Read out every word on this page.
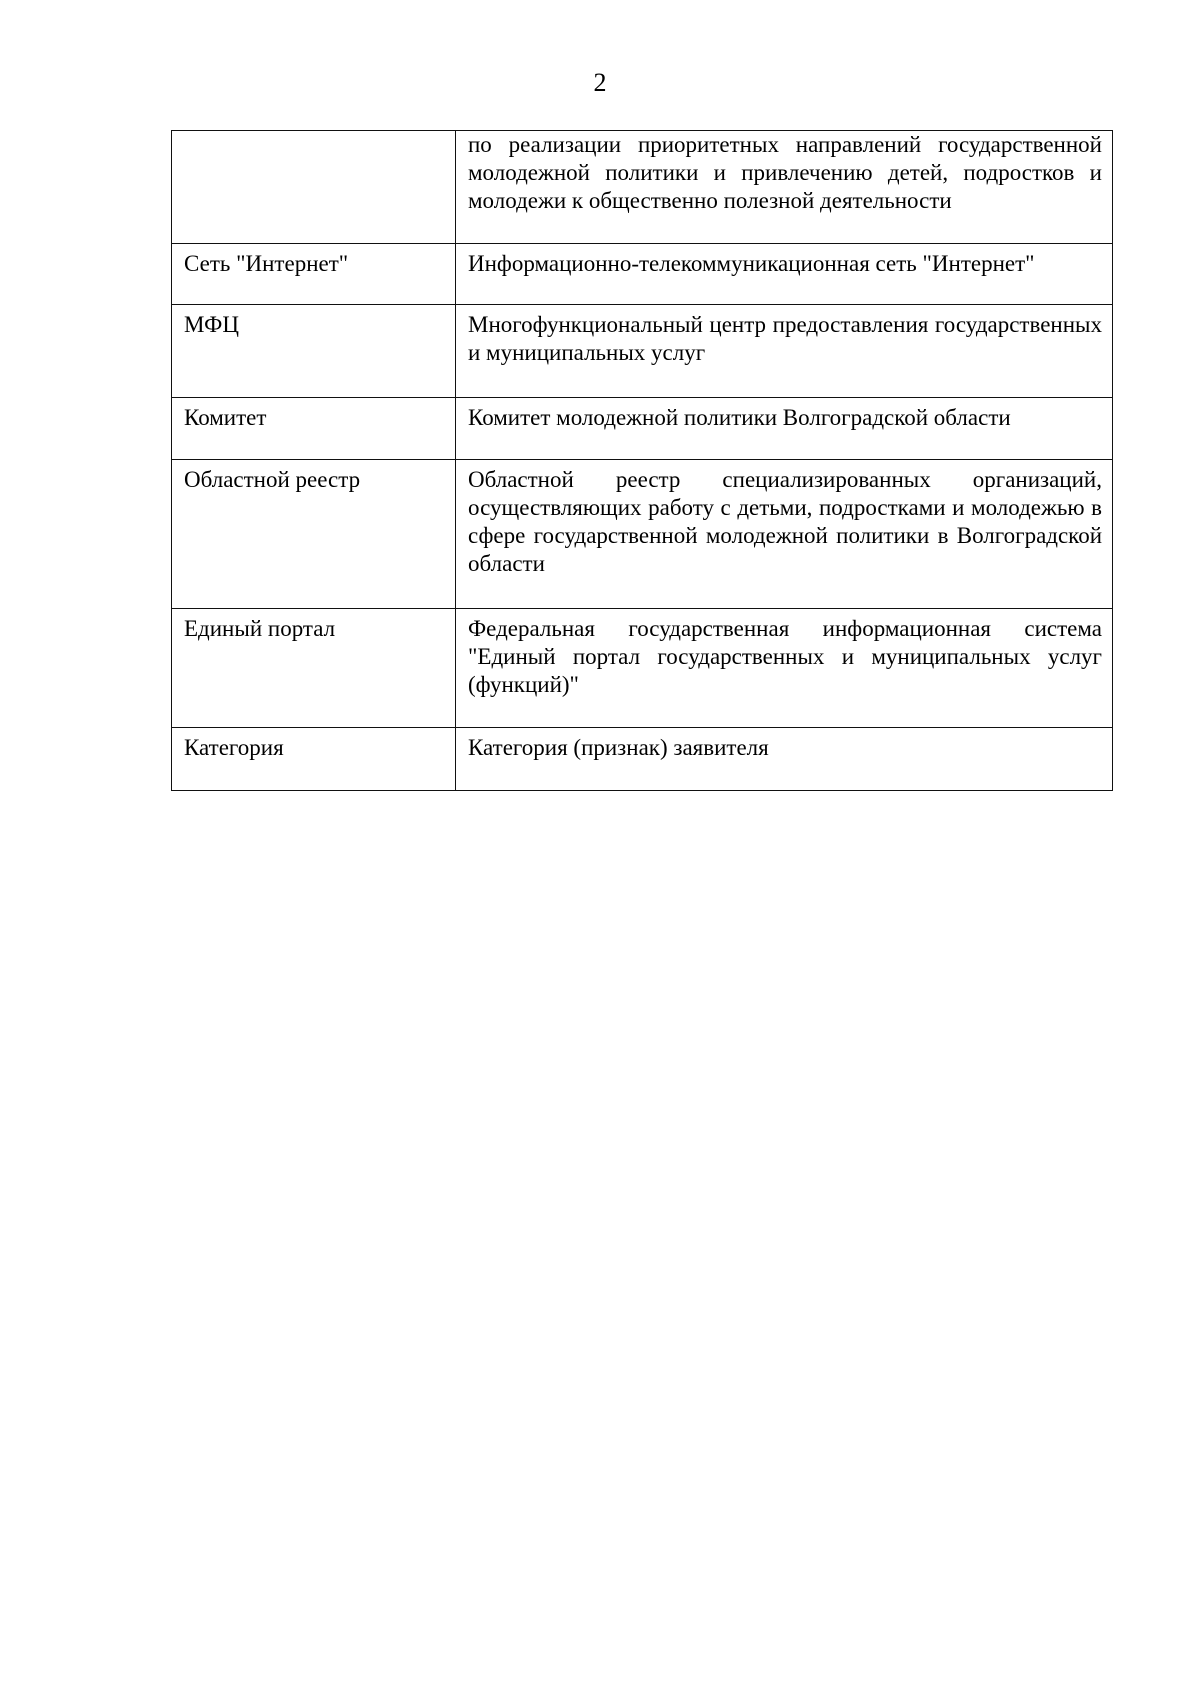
2
	по реализации приоритетных направлений государственной молодежной политики и привлечению детей, подростков и молодежи к общественно полезной деятельности
Сеть "Интернет"	Информационно-телекоммуникационная сеть "Интернет"
МФЦ	Многофункциональный центр предоставления государственных и муниципальных услуг
Комитет	Комитет молодежной политики Волгоградской области
Областной реестр	Областной реестр специализированных организаций, осуществляющих работу с детьми, подростками и молодежью в сфере государственной молодежной политики в Волгоградской области
Единый портал	Федеральная государственная информационная система "Единый портал государственных и муниципальных услуг (функций)"
Категория	Категория (признак) заявителя
